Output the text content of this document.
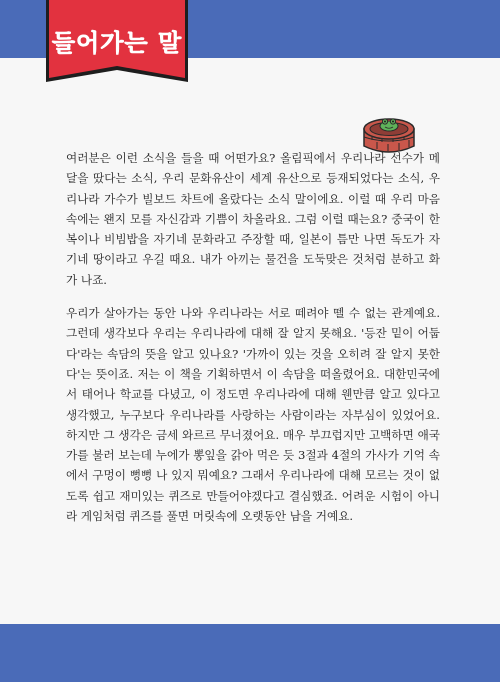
들어가는 말

여러분은 이런 소식을 들을 때 어떤가요? 올림픽에서 우리나라 선수가 메달을 땄다는 소식, 우리 문화유산이 세계 유산으로 등재되었다는 소식, 우리나라 가수가 빌보드 차트에 올랐다는 소식 말이에요. 이럴 때 우리 마음속에는 왠지 모를 자신감과 기쁨이 차올라요. 그럼 이럴 때는요? 중국이 한복이나 비빔밥을 자기네 문화라고 주장할 때, 일본이 틈만 나면 독도가 자기네 땅이라고 우길 때요. 내가 아끼는 물건을 도둑맞은 것처럼 분하고 화가 나죠.

우리가 살아가는 동안 나와 우리나라는 서로 떼려야 뗄 수 없는 관계예요. 그런데 생각보다 우리는 우리나라에 대해 잘 알지 못해요. '등잔 밑이 어둡다'라는 속담의 뜻을 알고 있나요? '가까이 있는 것을 오히려 잘 알지 못한다'는 뜻이죠. 저는 이 책을 기획하면서 이 속담을 떠올렸어요. 대한민국에서 태어나 학교를 다녔고, 이 정도면 우리나라에 대해 웬만큼 알고 있다고 생각했고, 누구보다 우리나라를 사랑하는 사람이라는 자부심이 있었어요. 하지만 그 생각은 금세 와르르 무너졌어요. 매우 부끄럽지만 고백하면 애국가를 불러 보는데 누에가 뽕잎을 갉아 먹은 듯 3절과 4절의 가사가 기억 속에서 구멍이 뻥뻥 나 있지 뭐예요? 그래서 우리나라에 대해 모르는 것이 없도록 쉽고 재미있는 퀴즈로 만들어야겠다고 결심했죠. 어려운 시험이 아니라 게임처럼 퀴즈를 풀면 머릿속에 오랫동안 남을 거예요.
